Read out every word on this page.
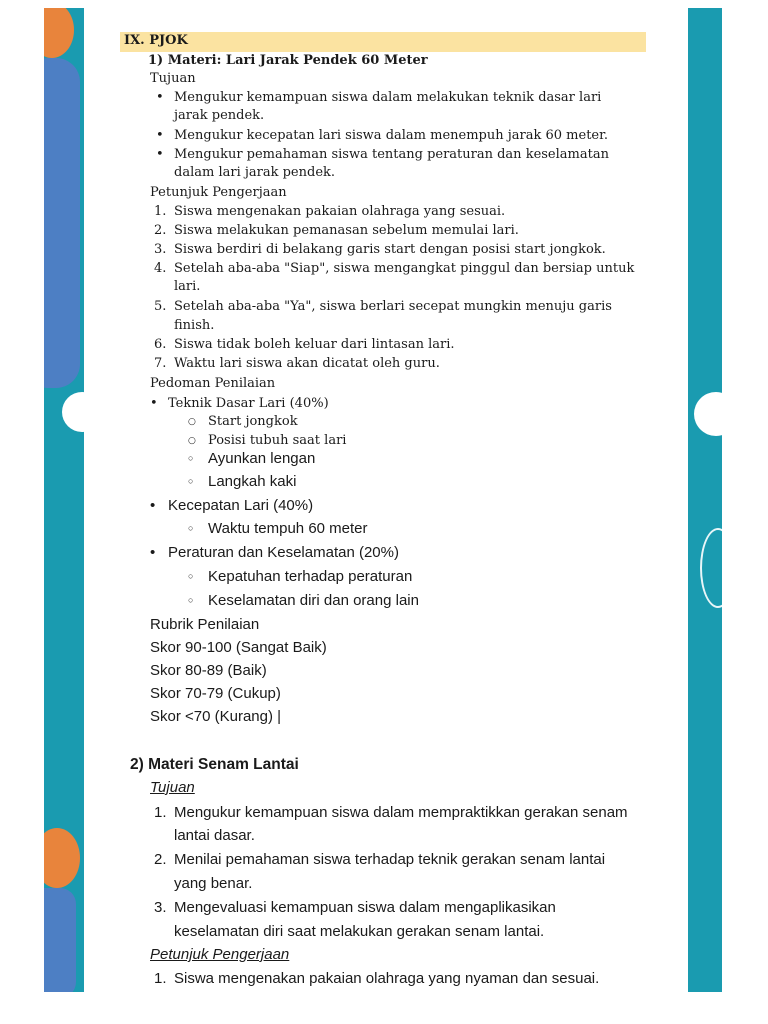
IX. PJOK
1) Materi: Lari Jarak Pendek 60 Meter
Tujuan
• Mengukur kemampuan siswa dalam melakukan teknik dasar lari
jarak pendek.
• Mengukur kecepatan lari siswa dalam menempuh jarak 60 meter.
• Mengukur pemahaman siswa tentang peraturan dan keselamatan
dalam lari jarak pendek.
Petunjuk Pengerjaan
1. Siswa mengenakan pakaian olahraga yang sesuai.
2. Siswa melakukan pemanasan sebelum memulai lari.
3. Siswa berdiri di belakang garis start dengan posisi start jongkok.
4. Setelah aba-aba "Siap", siswa mengangkat pinggul dan bersiap untuk
lari.
5. Setelah aba-aba "Ya", siswa berlari secepat mungkin menuju garis
finish.
6. Siswa tidak boleh keluar dari lintasan lari.
7. Waktu lari siswa akan dicatat oleh guru.
Pedoman Penilaian
• Teknik Dasar Lari (40%)
○ Start jongkok
○ Posisi tubuh saat lari
○ Ayunkan lengan
○ Langkah kaki
• Kecepatan Lari (40%)
○ Waktu tempuh 60 meter
• Peraturan dan Keselamatan (20%)
○ Kepatuhan terhadap peraturan
○ Keselamatan diri dan orang lain
Rubrik Penilaian
Skor 90-100 (Sangat Baik)
Skor 80-89 (Baik)
Skor 70-79 (Cukup)
Skor <70 (Kurang) |
2) Materi Senam Lantai
Tujuan
1. Mengukur kemampuan siswa dalam mempraktikkan gerakan senam
lantai dasar.
2. Menilai pemahaman siswa terhadap teknik gerakan senam lantai
yang benar.
3. Mengevaluasi kemampuan siswa dalam mengaplikasikan
keselamatan diri saat melakukan gerakan senam lantai.
Petunjuk Pengerjaan
1. Siswa mengenakan pakaian olahraga yang nyaman dan sesuai.
